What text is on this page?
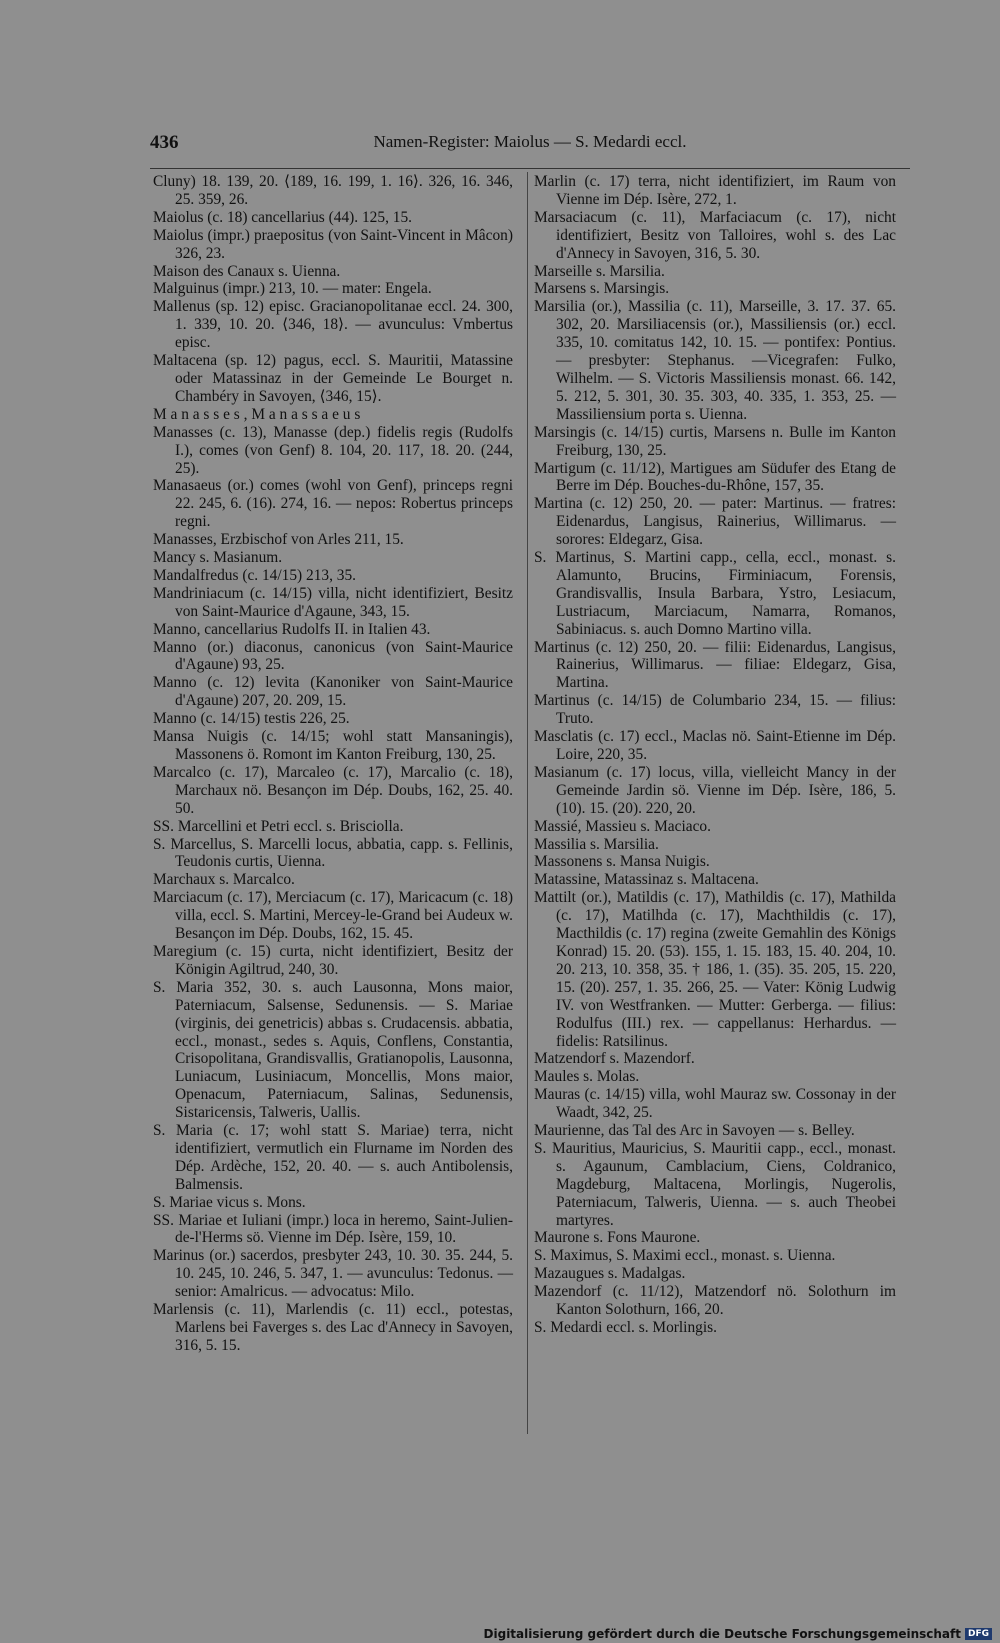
436	Namen-Register: Maiolus — S. Medardi eccl.

Cluny) 18. 139, 20. ⟨189, 16. 199, 1. 16⟩. 326, 16. 346, 25. 359, 26.

Maiolus (c. 18) cancellarius (44). 125, 15.

Maiolus (impr.) praepositus (von Saint-Vincent in Mâcon) 326, 23.

Maison des Canaux s. Uienna.

Malguinus (impr.) 213, 10. — mater: Engela.

Mallenus (sp. 12) episc. Gracianopolitanae eccl. 24. 300, 1. 339, 10. 20. ⟨346, 18⟩. — avunculus: Vmbertus episc.

Maltacena (sp. 12) pagus, eccl. S. Mauritii, Matassine oder Matassinaz in der Gemeinde Le Bourget n. Chambéry in Savoyen, ⟨346, 15⟩.

M a n a s s e s , M a n a s s a e u s

Manasses (c. 13), Manasse (dep.) fidelis regis (Rudolfs I.), comes (von Genf) 8. 104, 20. 117, 18. 20. (244, 25).

Manasaeus (or.) comes (wohl von Genf), princeps regni 22. 245, 6. (16). 274, 16. — nepos: Robertus princeps regni.

Manasses, Erzbischof von Arles 211, 15.

Mancy s. Masianum.

Mandalfredus (c. 14/15) 213, 35.

Mandriniacum (c. 14/15) villa, nicht identifiziert, Besitz von Saint-Maurice d'Agaune, 343, 15.

Manno, cancellarius Rudolfs II. in Italien 43.

Manno (or.) diaconus, canonicus (von Saint-Maurice d'Agaune) 93, 25.

Manno (c. 12) levita (Kanoniker von Saint-Maurice d'Agaune) 207, 20. 209, 15.

Manno (c. 14/15) testis 226, 25.

Mansa Nuigis (c. 14/15; wohl statt Mansaningis), Massonens ö. Romont im Kanton Freiburg, 130, 25.

Marcalco (c. 17), Marcaleo (c. 17), Marcalio (c. 18), Marchaux nö. Besançon im Dép. Doubs, 162, 25. 40. 50.

SS. Marcellini et Petri eccl. s. Brisciolla.

S. Marcellus, S. Marcelli locus, abbatia, capp. s. Fellinis, Teudonis curtis, Uienna.

Marchaux s. Marcalco.

Marciacum (c. 17), Merciacum (c. 17), Maricacum (c. 18) villa, eccl. S. Martini, Mercey-le-Grand bei Audeux w. Besançon im Dép. Doubs, 162, 15. 45.

Maregium (c. 15) curta, nicht identifiziert, Besitz der Königin Agiltrud, 240, 30.

S. Maria 352, 30. s. auch Lausonna, Mons maior, Paterniacum, Salsense, Sedunensis. — S. Mariae (virginis, dei genetricis) abbas s. Crudacensis. abbatia, eccl., monast., sedes s. Aquis, Conflens, Constantia, Crisopolitana, Grandisvallis, Gratianopolis, Lausonna, Luniacum, Lusiniacum, Moncellis, Mons maior, Openacum, Paterniacum, Salinas, Sedunensis, Sistaricensis, Talweris, Uallis.

S. Maria (c. 17; wohl statt S. Mariae) terra, nicht identifiziert, vermutlich ein Flurname im Norden des Dép. Ardèche, 152, 20. 40. — s. auch Antibolensis, Balmensis.

S. Mariae vicus s. Mons.

SS. Mariae et Iuliani (impr.) loca in heremo, Saint-Julien-de-l'Herms sö. Vienne im Dép. Isère, 159, 10.

Marinus (or.) sacerdos, presbyter 243, 10. 30. 35. 244, 5. 10. 245, 10. 246, 5. 347, 1. — avunculus: Tedonus. — senior: Amalricus. — advocatus: Milo.

Marlensis (c. 11), Marlendis (c. 11) eccl., potestas, Marlens bei Faverges s. des Lac d'Annecy in Savoyen, 316, 5. 15.

Marlin (c. 17) terra, nicht identifiziert, im Raum von Vienne im Dép. Isère, 272, 1.

Marsaciacum (c. 11), Marfaciacum (c. 17), nicht identifiziert, Besitz von Talloires, wohl s. des Lac d'Annecy in Savoyen, 316, 5. 30.

Marseille s. Marsilia.

Marsens s. Marsingis.

Marsilia (or.), Massilia (c. 11), Marseille, 3. 17. 37. 65. 302, 20. Marsiliacensis (or.), Massiliensis (or.) eccl. 335, 10. comitatus 142, 10. 15. — pontifex: Pontius. — presbyter: Stephanus. —Vicegrafen: Fulko, Wilhelm. — S. Victoris Massiliensis monast. 66. 142, 5. 212, 5. 301, 30. 35. 303, 40. 335, 1. 353, 25. — Massiliensium porta s. Uienna.

Marsingis (c. 14/15) curtis, Marsens n. Bulle im Kanton Freiburg, 130, 25.

Martigum (c. 11/12), Martigues am Südufer des Etang de Berre im Dép. Bouches-du-Rhône, 157, 35.

Martina (c. 12) 250, 20. — pater: Martinus. — fratres: Eidenardus, Langisus, Rainerius, Willimarus. — sorores: Eldegarz, Gisa.

S. Martinus, S. Martini capp., cella, eccl., monast. s. Alamunto, Brucins, Firminiacum, Forensis, Grandisvallis, Insula Barbara, Ystro, Lesiacum, Lustriacum, Marciacum, Namarra, Romanos, Sabiniacus. s. auch Domno Martino villa.

Martinus (c. 12) 250, 20. — filii: Eidenardus, Langisus, Rainerius, Willimarus. — filiae: Eldegarz, Gisa, Martina.

Martinus (c. 14/15) de Columbario 234, 15. — filius: Truto.

Masclatis (c. 17) eccl., Maclas nö. Saint-Etienne im Dép. Loire, 220, 35.

Masianum (c. 17) locus, villa, vielleicht Mancy in der Gemeinde Jardin sö. Vienne im Dép. Isère, 186, 5. (10). 15. (20). 220, 20.

Massié, Massieu s. Maciaco.

Massilia s. Marsilia.

Massonens s. Mansa Nuigis.

Matassine, Matassinaz s. Maltacena.

Mattilt (or.), Matildis (c. 17), Mathildis (c. 17), Mathilda (c. 17), Matilhda (c. 17), Machthildis (c. 17), Macthildis (c. 17) regina (zweite Gemahlin des Königs Konrad) 15. 20. (53). 155, 1. 15. 183, 15. 40. 204, 10. 20. 213, 10. 358, 35. † 186, 1. (35). 35. 205, 15. 220, 15. (20). 257, 1. 35. 266, 25. — Vater: König Ludwig IV. von Westfranken. — Mutter: Gerberga. — filius: Rodulfus (III.) rex. — cappellanus: Herhardus. — fidelis: Ratsilinus.

Matzendorf s. Mazendorf.

Maules s. Molas.

Mauras (c. 14/15) villa, wohl Mauraz sw. Cossonay in der Waadt, 342, 25.

Maurienne, das Tal des Arc in Savoyen — s. Belley.

S. Mauritius, Mauricius, S. Mauritii capp., eccl., monast. s. Agaunum, Camblacium, Ciens, Coldranico, Magdeburg, Maltacena, Morlingis, Nugerolis, Paterniacum, Talweris, Uienna. — s. auch Theobei martyres.

Maurone s. Fons Maurone.

S. Maximus, S. Maximi eccl., monast. s. Uienna.

Mazaugues s. Madalgas.

Mazendorf (c. 11/12), Matzendorf nö. Solothurn im Kanton Solothurn, 166, 20.

S. Medardi eccl. s. Morlingis.

Digitalisierung gefördert durch die Deutsche Forschungsgemeinschaft DFG
